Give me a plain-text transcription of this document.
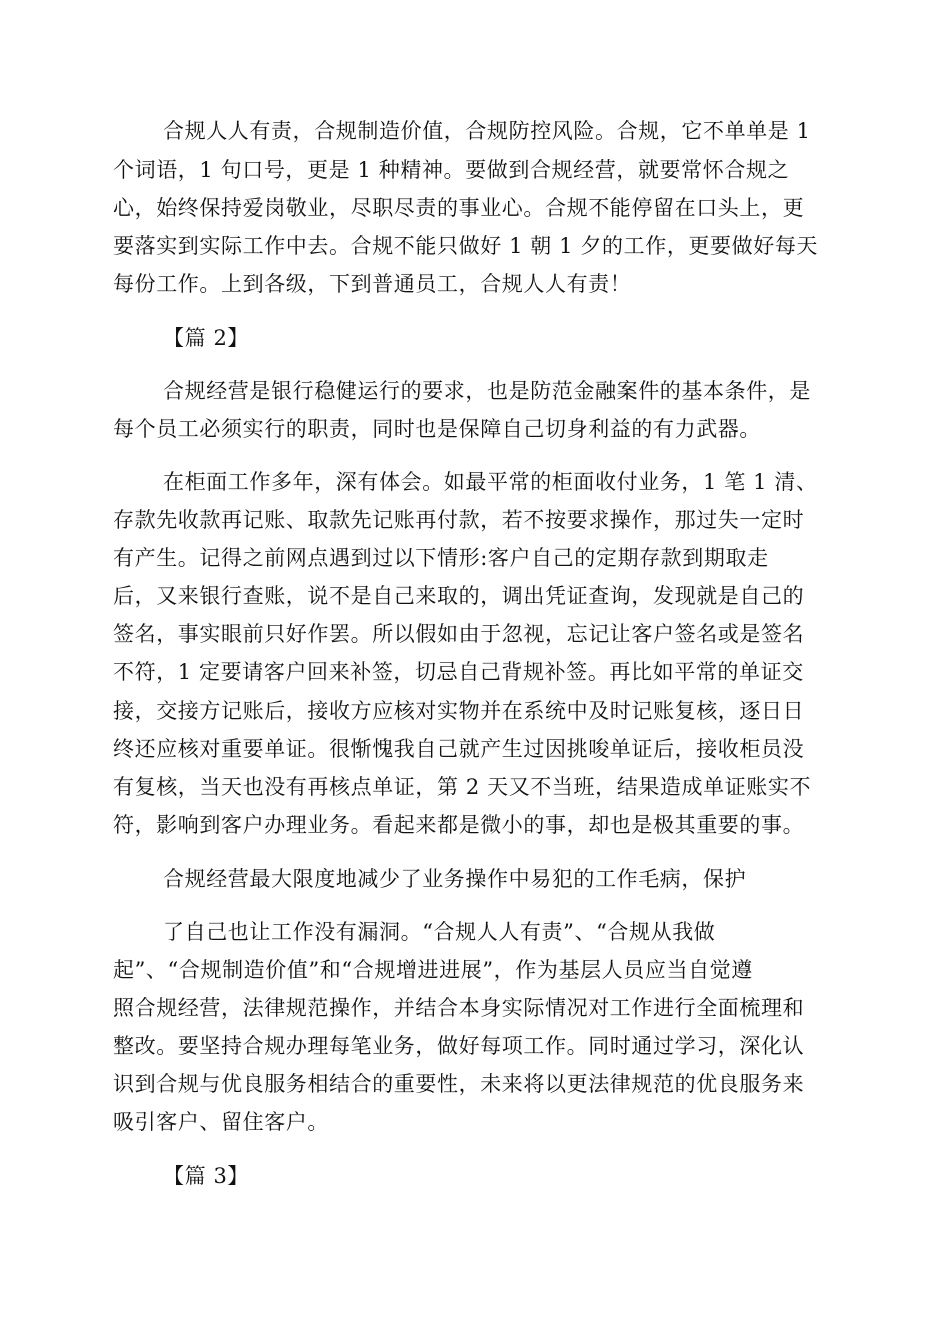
合规人人有责，合规制造价值，合规防控风险。合规，它不单单是 1
个词语，1 句口号，更是 1 种精神。要做到合规经营，就要常怀合规之
心，始终保持爱岗敬业，尽职尽责的事业心。合规不能停留在口头上，更
要落实到实际工作中去。合规不能只做好 1 朝 1 夕的工作，更要做好每天
每份工作。上到各级，下到普通员工，合规人人有责！
【篇 2】
合规经营是银行稳健运行的要求，也是防范金融案件的基本条件，是
每个员工必须实行的职责，同时也是保障自己切身利益的有力武器。
在柜面工作多年，深有体会。如最平常的柜面收付业务，1 笔 1 清、
存款先收款再记账、取款先记账再付款，若不按要求操作，那过失一定时
有产生。记得之前网点遇到过以下情形:客户自己的定期存款到期取走
后，又来银行查账，说不是自己来取的，调出凭证查询，发现就是自己的
签名，事实眼前只好作罢。所以假如由于忽视，忘记让客户签名或是签名
不符，1 定要请客户回来补签，切忌自己背规补签。再比如平常的单证交
接，交接方记账后，接收方应核对实物并在系统中及时记账复核，逐日日
终还应核对重要单证。很惭愧我自己就产生过因挑唆单证后，接收柜员没
有复核，当天也没有再核点单证，第 2 天又不当班，结果造成单证账实不
符，影响到客户办理业务。看起来都是微小的事，却也是极其重要的事。
合规经营最大限度地减少了业务操作中易犯的工作毛病，保护
了自己也让工作没有漏洞。“合规人人有责”、“合规从我做
起”、“合规制造价值”和“合规增进进展”，作为基层人员应当自觉遵
照合规经营，法律规范操作，并结合本身实际情况对工作进行全面梳理和
整改。要坚持合规办理每笔业务，做好每项工作。同时通过学习，深化认
识到合规与优良服务相结合的重要性，未来将以更法律规范的优良服务来
吸引客户、留住客户。
【篇 3】
